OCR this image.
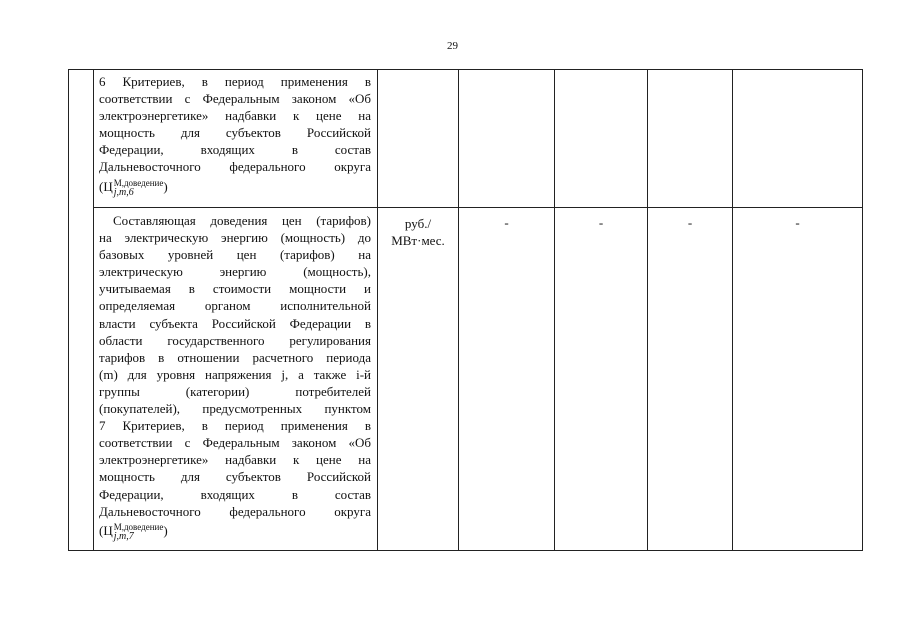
29
6 Критериев, в период применения в
соответствии с Федеральным законом «Об
электроэнергетике» надбавки к цене на
мощность для субъектов Российской
Федерации, входящих в состав
Дальневосточного федерального округа
(Ц М,доведение
j,m,6	)
Составляющая доведения цен (тарифов)
на электрическую энергию (мощность) до
базовых уровней цен (тарифов) на
электрическую энергию (мощность),
учитываемая в стоимости мощности и
определяемая органом исполнительной
власти субъекта Российской Федерации в
области государственного регулирования
тарифов в отношении расчетного периода
(m) для уровня напряжения j, а также i-й
группы (категории) потребителей
(покупателей), предусмотренных пунктом
7 Критериев, в период применения в
соответствии с Федеральным законом «Об
электроэнергетике» надбавки к цене на
мощность для субъектов Российской
Федерации, входящих в состав
Дальневосточного федерального округа
(Ц М,доведение
j,m,7	)
руб./
МВт·мес.
-	-	-	-
